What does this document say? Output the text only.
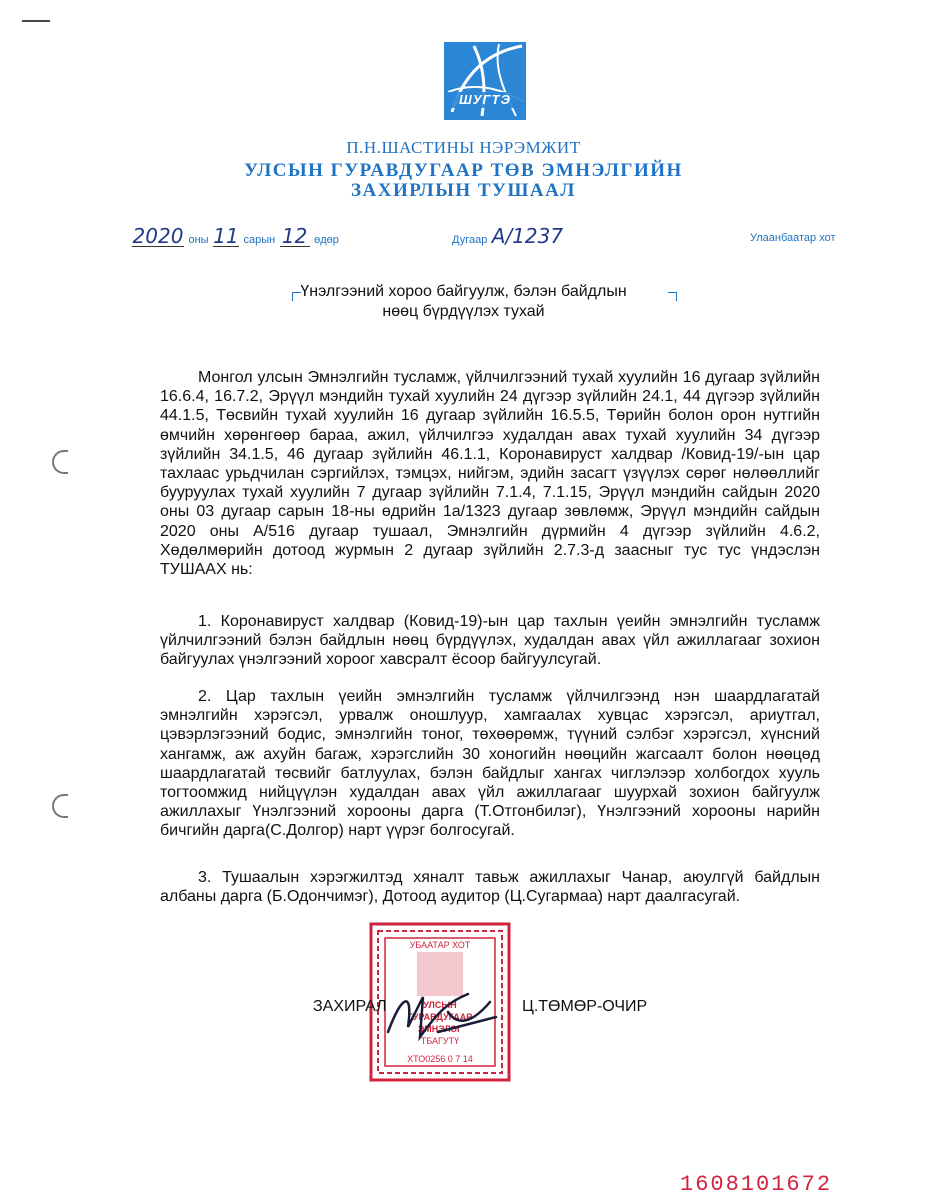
ШУГТЭ
П.Н.ШАСТИНЫ НЭРЭМЖИТ
УЛСЫН ГУРАВДУГААР ТӨВ ЭМНЭЛГИЙН
ЗАХИРЛЫН ТУШААЛ
2020 оны 11 сарын 12 өдөр	Дугаар А/1237	Улаанбаатар хот
Үнэлгээний хороо байгуулж, бэлэн байдлын
нөөц бүрдүүлэх тухай
Монгол улсын Эмнэлгийн тусламж, үйлчилгээний тухай хуулийн 16 дугаар зүйлийн 16.6.4, 16.7.2, Эрүүл мэндийн тухай хуулийн 24 дүгээр зүйлийн 24.1, 44 дүгээр зүйлийн 44.1.5, Төсвийн тухай хуулийн 16 дугаар зүйлийн 16.5.5, Төрийн болон орон нутгийн өмчийн хөрөнгөөр бараа, ажил, үйлчилгээ худалдан авах тухай хуулийн 34 дүгээр зүйлийн 34.1.5, 46 дугаар зүйлийн 46.1.1, Коронавируст халдвар /Ковид-19/-ын цар тахлаас урьдчилан сэргийлэх, тэмцэх, нийгэм, эдийн засагт үзүүлэх сөрөг нөлөөллийг бууруулах тухай хуулийн 7 дугаар зүйлийн 7.1.4, 7.1.15, Эрүүл мэндийн сайдын 2020 оны 03 дугаар сарын 18-ны өдрийн 1а/1323 дугаар зөвлөмж, Эрүүл мэндийн сайдын 2020 оны А/516 дугаар тушаал, Эмнэлгийн дүрмийн 4 дүгээр зүйлийн 4.6.2, Хөдөлмөрийн дотоод журмын 2 дугаар зүйлийн 2.7.3-д заасныг тус тус үндэслэн ТУШААХ нь:
1. Коронавируст халдвар (Ковид-19)-ын цар тахлын үеийн эмнэлгийн тусламж үйлчилгээний бэлэн байдлын нөөц бүрдүүлэх, худалдан авах үйл ажиллагааг зохион байгуулах үнэлгээний хороог хавсралт ёсоор байгуулсугай.
2. Цар тахлын үеийн эмнэлгийн тусламж үйлчилгээнд нэн шаардлагатай эмнэлгийн хэрэгсэл, урвалж оношлуур, хамгаалах хувцас хэрэгсэл, ариутгал, цэвэрлэгээний бодис, эмнэлгийн тоног, төхөөрөмж, түүний сэлбэг хэрэгсэл, хүнсний хангамж, аж ахуйн багаж, хэрэгслийн 30 хоногийн нөөцийн жагсаалт болон нөөцөд шаардлагатай төсвийг батлуулах, бэлэн байдлыг хангах чиглэлээр холбогдох хууль тогтоомжид нийцүүлэн худалдан авах үйл ажиллагааг шуурхай зохион байгуулж ажиллахыг Үнэлгээний хорооны дарга (Т.Отгонбилэг), Үнэлгээний хорооны нарийн бичгийн дарга(С.Долгор) нарт үүрэг болгосугай.
3. Тушаалын хэрэгжилтэд хяналт тавьж ажиллахыг Чанар, аюулгүй байдлын албаны дарга (Б.Одончимэг), Дотоод аудитор (Ц.Сугармаа) нарт даалгасугай.
УБААТАР ХОТ
УЛСЫН
ГУРАВДУГААР
ЭМНЭЛЭГ
ТБАГУТҮ
ХТО0256 0 7 14
ЗАХИРАЛ	Ц.ТӨМӨР-ОЧИР
1608101672
